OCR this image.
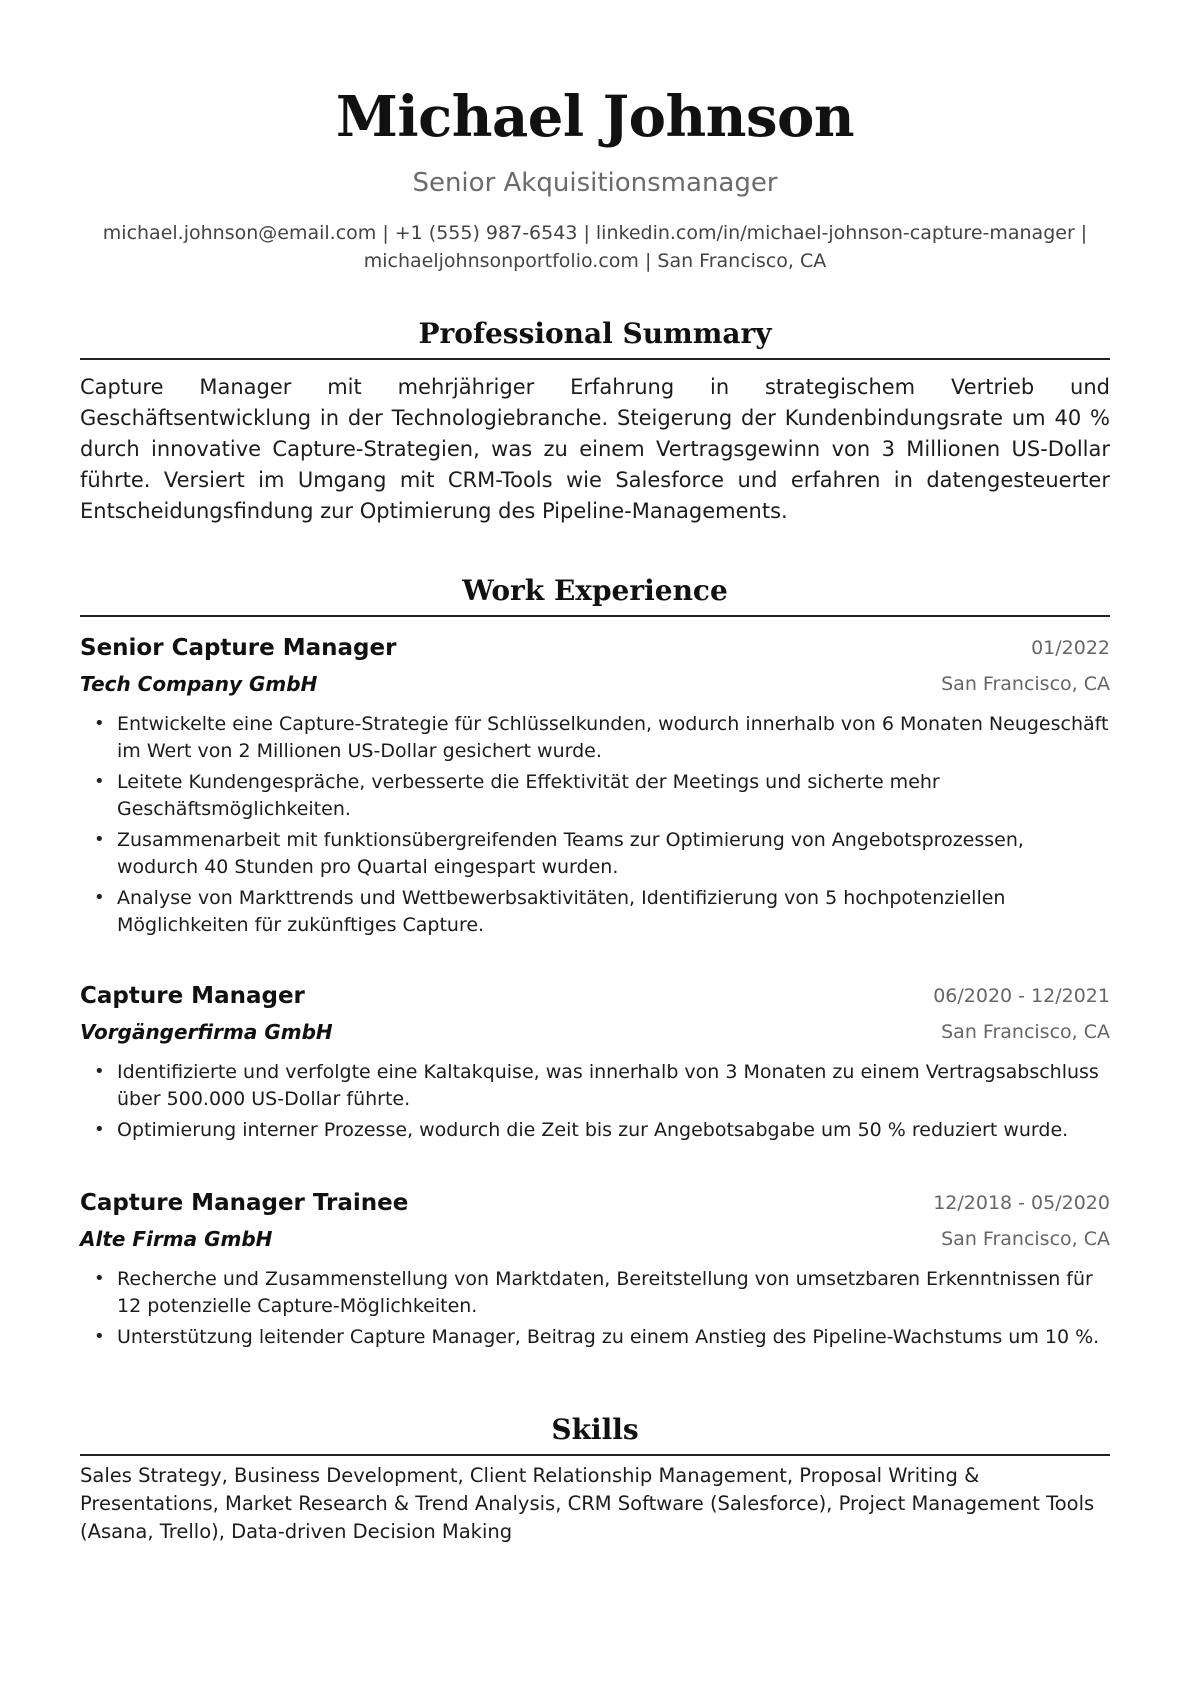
Michael Johnson
Senior Akquisitionsmanager
michael.johnson@email.com | +1 (555) 987-6543 | linkedin.com/in/michael-johnson-capture-manager |
michaeljohnsonportfolio.com | San Francisco, CA
Professional Summary
Capture Manager mit mehrjähriger Erfahrung in strategischem Vertrieb und Geschäftsentwicklung in der Technologiebranche. Steigerung der Kundenbindungsrate um 40 % durch innovative Capture-Strategien, was zu einem Vertragsgewinn von 3 Millionen US-Dollar führte. Versiert im Umgang mit CRM-Tools wie Salesforce und erfahren in datengesteuerter Entscheidungsfindung zur Optimierung des Pipeline-Managements.
Work Experience
Senior Capture Manager	01/2022
Tech Company GmbH	San Francisco, CA
• Entwickelte eine Capture-Strategie für Schlüsselkunden, wodurch innerhalb von 6 Monaten Neugeschäft im Wert von 2 Millionen US-Dollar gesichert wurde.
• Leitete Kundengespräche, verbesserte die Effektivität der Meetings und sicherte mehr Geschäftsmöglichkeiten.
• Zusammenarbeit mit funktionsübergreifenden Teams zur Optimierung von Angebotsprozessen, wodurch 40 Stunden pro Quartal eingespart wurden.
• Analyse von Markttrends und Wettbewerbsaktivitäten, Identifizierung von 5 hochpotenziellen Möglichkeiten für zukünftiges Capture.
Capture Manager	06/2020 - 12/2021
Vorgängerfirma GmbH	San Francisco, CA
• Identifizierte und verfolgte eine Kaltakquise, was innerhalb von 3 Monaten zu einem Vertragsabschluss über 500.000 US-Dollar führte.
• Optimierung interner Prozesse, wodurch die Zeit bis zur Angebotsabgabe um 50 % reduziert wurde.
Capture Manager Trainee	12/2018 - 05/2020
Alte Firma GmbH	San Francisco, CA
• Recherche und Zusammenstellung von Marktdaten, Bereitstellung von umsetzbaren Erkenntnissen für 12 potenzielle Capture-Möglichkeiten.
• Unterstützung leitender Capture Manager, Beitrag zu einem Anstieg des Pipeline-Wachstums um 10 %.
Skills
Sales Strategy, Business Development, Client Relationship Management, Proposal Writing & Presentations, Market Research & Trend Analysis, CRM Software (Salesforce), Project Management Tools (Asana, Trello), Data-driven Decision Making
